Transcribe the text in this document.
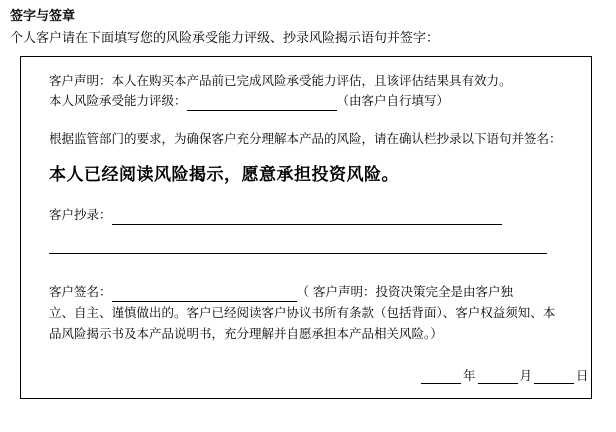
签字与签章
个人客户请在下面填写您的风险承受能力评级、抄录风险揭示语句并签字：

客户声明：本人在购买本产品前已完成风险承受能力评估，且该评估结果具有效力。

本人风险承受能力评级：	（由客户自行填写）

根据监管部门的要求，为确保客户充分理解本产品的风险，请在确认栏抄录以下语句并签名：

本人已经阅读风险揭示，愿意承担投资风险。

客户抄录：
客户签名：	（ 客户声明：投资决策完全是由客户独

立、自主、谨慎做出的。客户已经阅读客户协议书所有条款（包括背面）、客户权益须知、本

品风险揭示书及本产品说明书，充分理解并自愿承担本产品相关风险。）

年	月	日
